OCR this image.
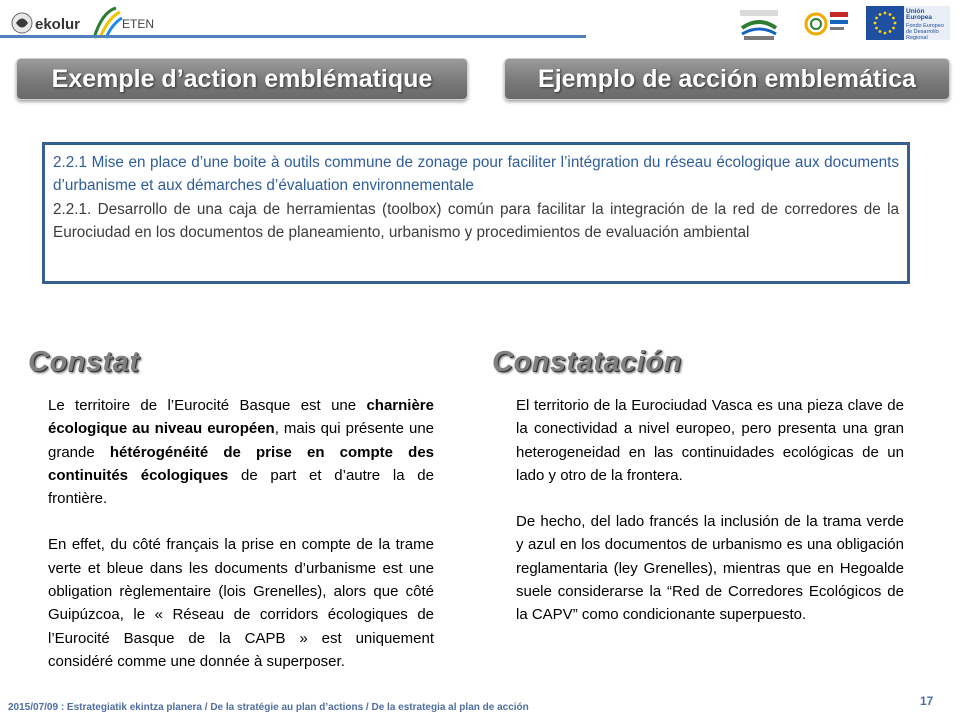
ekolur	ETEN
Unión Europea
Fondo Europeo de Desarrollo Regional
Exemple d’action emblématique	Ejemplo de acción emblemática

2.2.1 Mise en place d’une boite à outils commune de zonage pour faciliter l’intégration du réseau écologique aux documents d’urbanisme et aux démarches d’évaluation environnementale

2.2.1. Desarrollo de una caja de herramientas (toolbox) común para facilitar la integración de la red de corredores de la Eurociudad en los documentos de planeamiento, urbanismo y procedimientos de evaluación ambiental

Constat	Constatación

Le territoire de l’Eurocité Basque est une charnière écologique au niveau européen, mais qui présente une grande hétérogénéité de prise en compte des continuités écologiques de part et d’autre la de frontière.

En effet, du côté français la prise en compte de la trame verte et bleue dans les documents d’urbanisme est une obligation règlementaire (lois Grenelles), alors que côté Guipúzcoa, le « Réseau de corridors écologiques de l’Eurocité Basque de la CAPB » est uniquement considéré comme une donnée à superposer.

El territorio de la Eurociudad Vasca es una pieza clave de la conectividad a nivel europeo, pero presenta una gran heterogeneidad en las continuidades ecológicas de un lado y otro de la frontera.

De hecho, del lado francés la inclusión de la trama verde y azul en los documentos de urbanismo es una obligación reglamentaria (ley Grenelles), mientras que en Hegoalde suele considerarse la “Red de Corredores Ecológicos de la CAPV” como condicionante superpuesto.

2015/07/09 : Estrategiatik ekintza planera / De la stratégie au plan d’actions / De la estrategia al plan de acción	17
